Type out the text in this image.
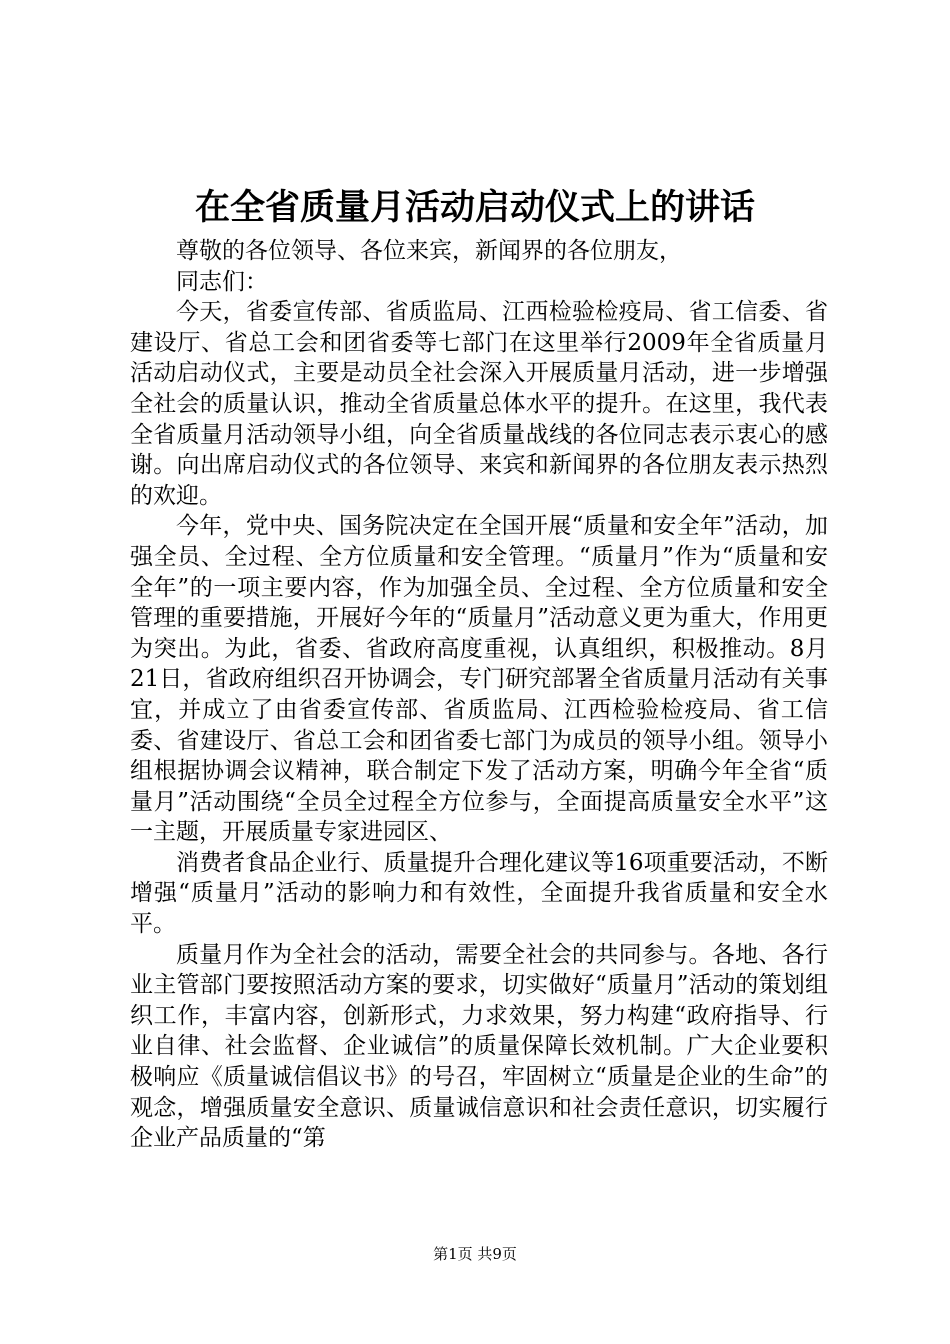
在全省质量月活动启动仪式上的讲话

尊敬的各位领导、各位来宾，新闻界的各位朋友，

同志们：

今天，省委宣传部、省质监局、江西检验检疫局、省工信委、省建设厅、省总工会和团省委等七部门在这里举行2009年全省质量月活动启动仪式，主要是动员全社会深入开展质量月活动，进一步增强全社会的质量认识，推动全省质量总体水平的提升。在这里，我代表全省质量月活动领导小组，向全省质量战线的各位同志表示衷心的感谢。向出席启动仪式的各位领导、来宾和新闻界的各位朋友表示热烈的欢迎。

今年，党中央、国务院决定在全国开展“质量和安全年”活动，加强全员、全过程、全方位质量和安全管理。“质量月”作为“质量和安全年”的一项主要内容，作为加强全员、全过程、全方位质量和安全管理的重要措施，开展好今年的“质量月”活动意义更为重大，作用更为突出。为此，省委、省政府高度重视，认真组织，积极推动。8月21日，省政府组织召开协调会，专门研究部署全省质量月活动有关事宜，并成立了由省委宣传部、省质监局、江西检验检疫局、省工信委、省建设厅、省总工会和团省委七部门为成员的领导小组。领导小组根据协调会议精神，联合制定下发了活动方案，明确今年全省“质量月”活动围绕“全员全过程全方位参与，全面提高质量安全水平”这一主题，开展质量专家进园区、

消费者食品企业行、质量提升合理化建议等16项重要活动，不断增强“质量月”活动的影响力和有效性，全面提升我省质量和安全水平。

质量月作为全社会的活动，需要全社会的共同参与。各地、各行业主管部门要按照活动方案的要求，切实做好“质量月”活动的策划组织工作，丰富内容，创新形式，力求效果，努力构建“政府指导、行业自律、社会监督、企业诚信”的质量保障长效机制。广大企业要积极响应《质量诚信倡议书》的号召，牢固树立“质量是企业的生命”的观念，增强质量安全意识、质量诚信意识和社会责任意识，切实履行企业产品质量的“第

第1页 共9页
